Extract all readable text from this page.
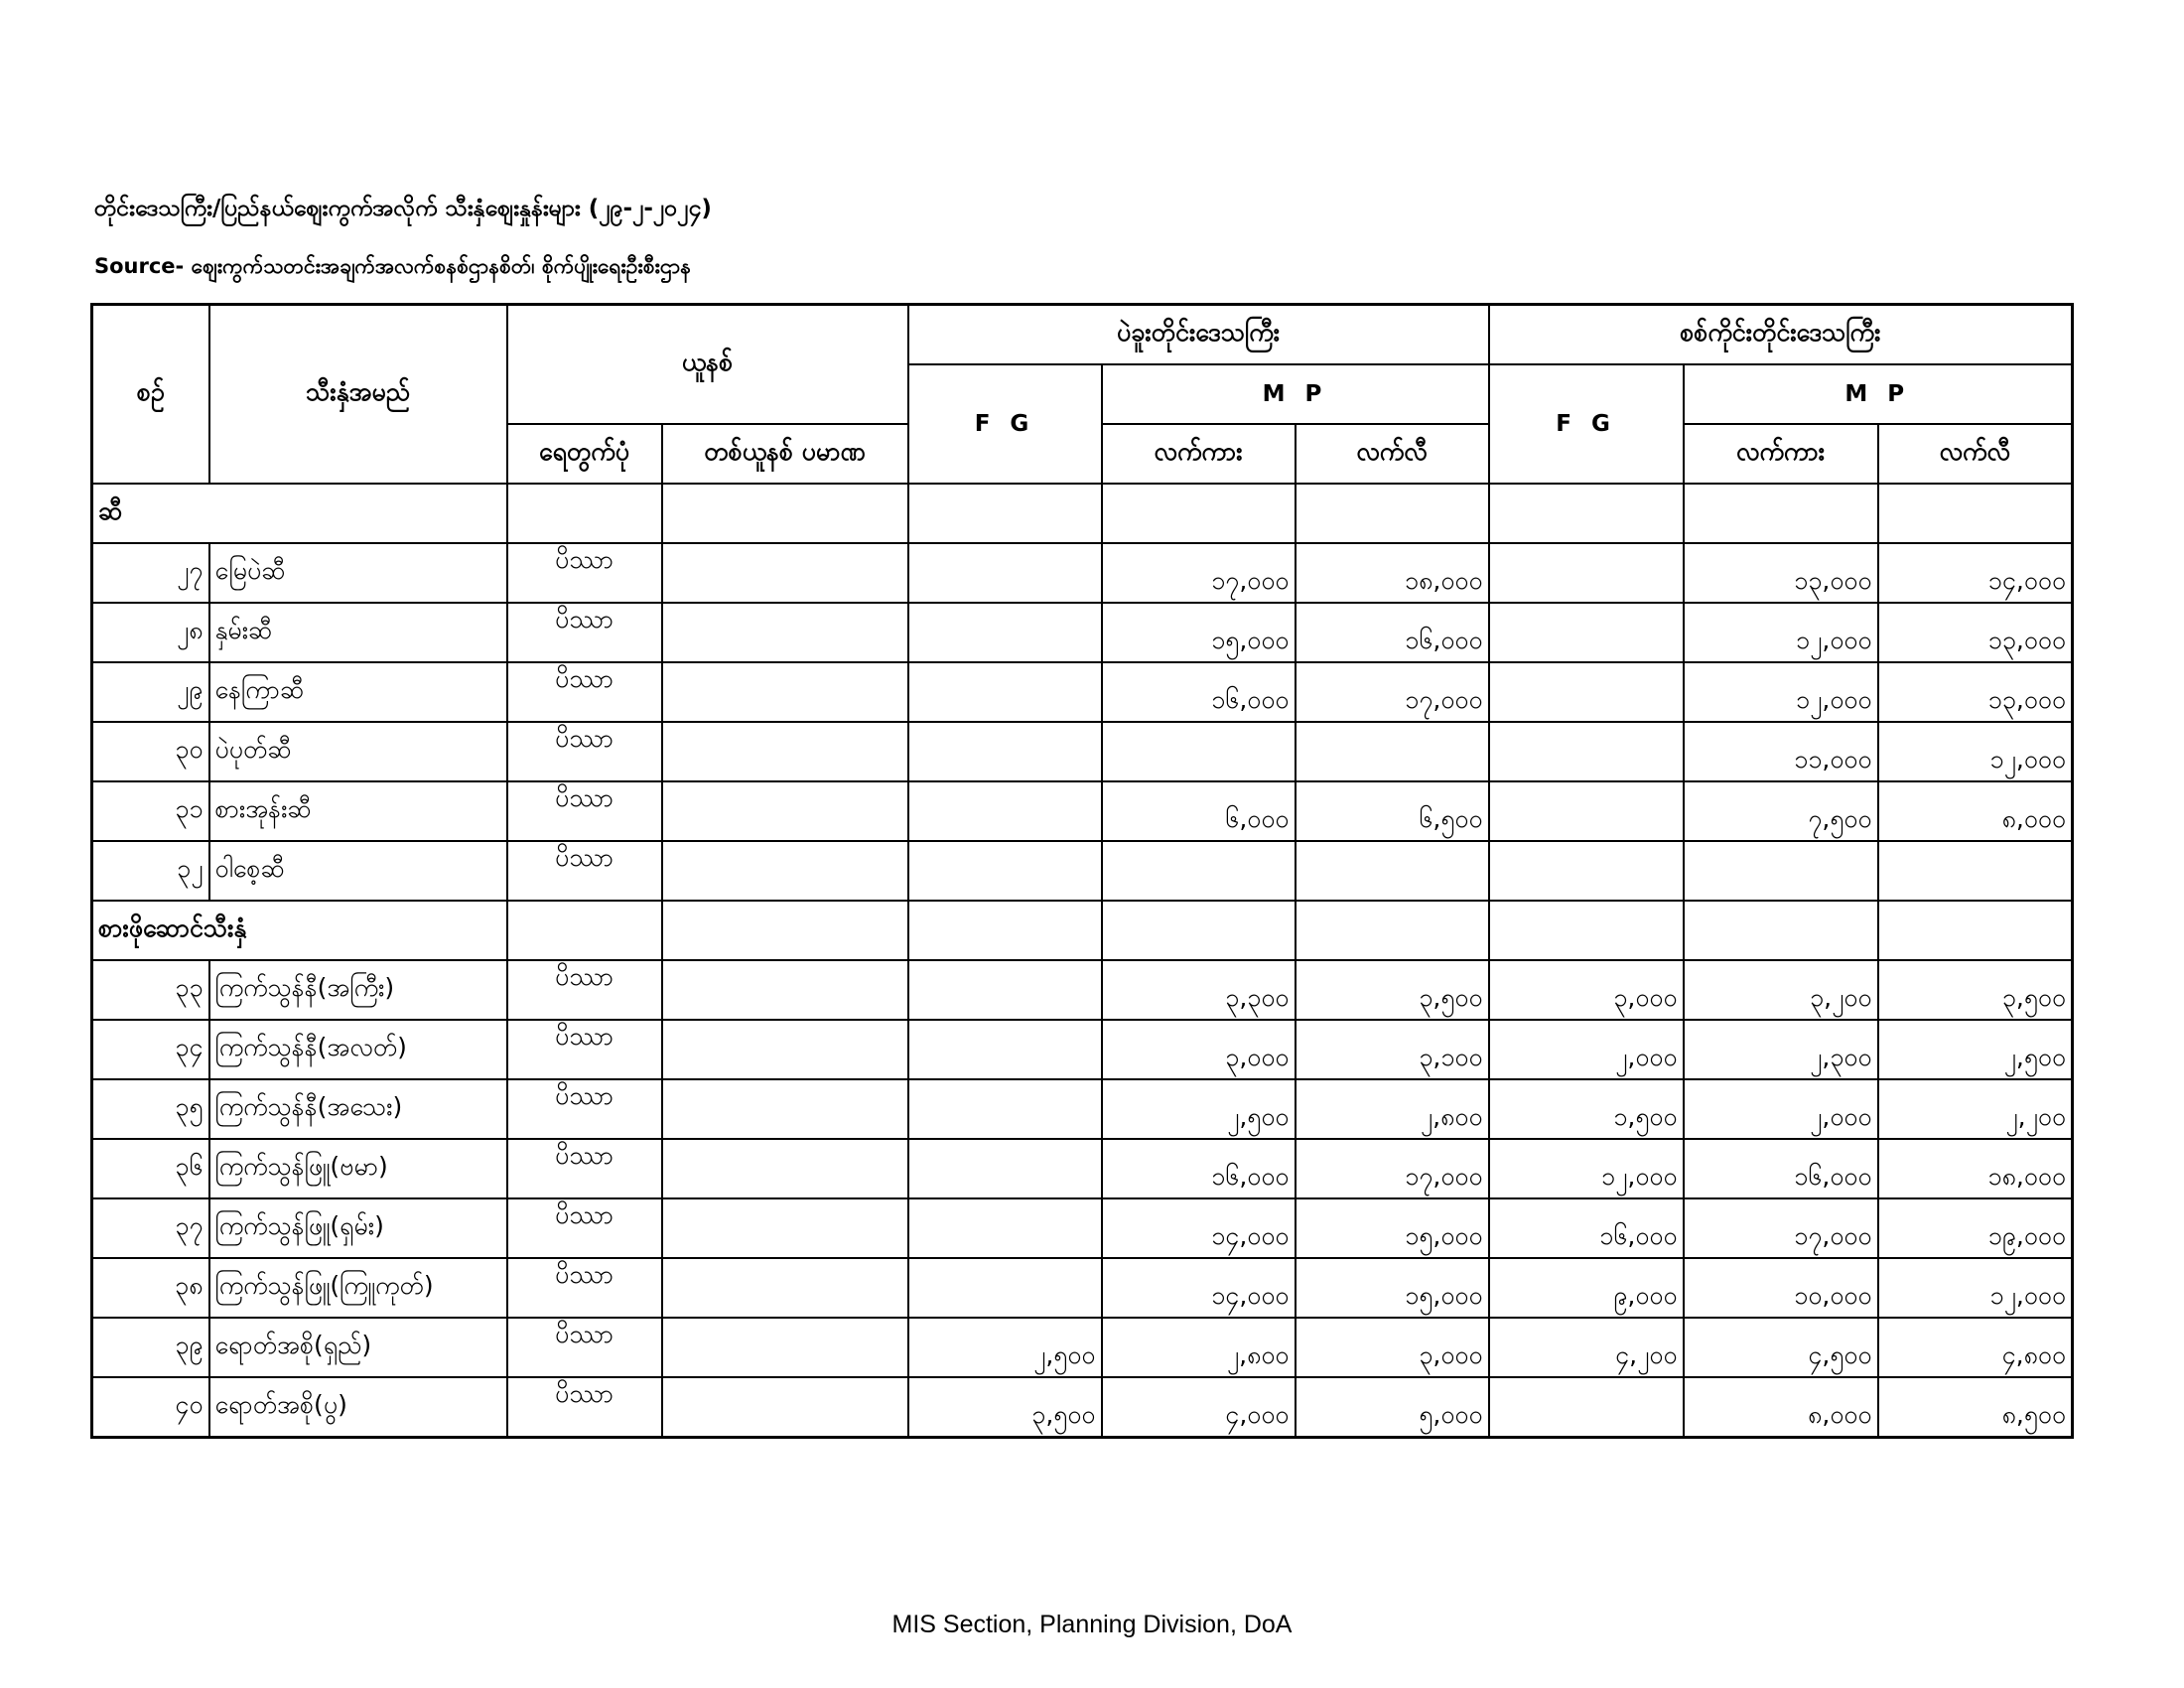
တိုင်းဒေသကြီး/ပြည်နယ်ဈေးကွက်အလိုက် သီးနှံဈေးနှုန်းများ (၂၉-၂-၂၀၂၄)
Source- ဈေးကွက်သတင်းအချက်အလက်စနစ်ဌာနစိတ်၊ စိုက်ပျိုးရေးဦးစီးဌာန
စဉ်	သီးနှံအမည်	ယူနစ်		ပဲခူးတိုင်းဒေသကြီး			စစ်ကိုင်းတိုင်းဒေသကြီး		
				F G	M P		F G	M P	
		ရေတွက်ပုံ	တစ်ယူနစ် ပမာဏ		လက်ကား	လက်လီ		လက်ကား	လက်လီ
ဆီ									
၂၇	မြေပဲဆီ	ပိဿာ			၁၇,၀၀၀	၁၈,၀၀၀		၁၃,၀၀၀	၁၄,၀၀၀
၂၈	နှမ်းဆီ	ပိဿာ			၁၅,၀၀၀	၁၆,၀၀၀		၁၂,၀၀၀	၁၃,၀၀၀
၂၉	နေကြာဆီ	ပိဿာ			၁၆,၀၀၀	၁၇,၀၀၀		၁၂,၀၀၀	၁၃,၀၀၀
၃၀	ပဲပုတ်ဆီ	ပိဿာ						၁၁,၀၀၀	၁၂,၀၀၀
၃၁	စားအုန်းဆီ	ပိဿာ			၆,၀၀၀	၆,၅၀၀		၇,၅၀၀	၈,၀၀၀
၃၂	ဝါစေ့ဆီ	ပိဿာ							
စားဖိုဆောင်သီးနှံ									
၃၃	ကြက်သွန်နီ(အကြီး)	ပိဿာ			၃,၃၀၀	၃,၅၀၀	၃,၀၀၀	၃,၂၀၀	၃,၅၀၀
၃၄	ကြက်သွန်နီ(အလတ်)	ပိဿာ			၃,၀၀၀	၃,၁၀၀	၂,၀၀၀	၂,၃၀၀	၂,၅၀၀
၃၅	ကြက်သွန်နီ(အသေး)	ပိဿာ			၂,၅၀၀	၂,၈၀၀	၁,၅၀၀	၂,၀၀၀	၂,၂၀၀
၃၆	ကြက်သွန်ဖြူ(ဗမာ)	ပိဿာ			၁၆,၀၀၀	၁၇,၀၀၀	၁၂,၀၀၀	၁၆,၀၀၀	၁၈,၀၀၀
၃၇	ကြက်သွန်ဖြူ(ရှမ်း)	ပိဿာ			၁၄,၀၀၀	၁၅,၀၀၀	၁၆,၀၀၀	၁၇,၀၀၀	၁၉,၀၀၀
၃၈	ကြက်သွန်ဖြူ(ကြူကုတ်)	ပိဿာ			၁၄,၀၀၀	၁၅,၀၀၀	၉,၀၀၀	၁၀,၀၀၀	၁၂,၀၀၀
၃၉	ရောတ်အစို(ရှည်)	ပိဿာ		၂,၅၀၀	၂,၈၀၀	၃,၀၀၀	၄,၂၀၀	၄,၅၀၀	၄,၈၀၀
၄၀	ရောတ်အစို(ပွ)	ပိဿာ		၃,၅၀၀	၄,၀၀၀	၅,၀၀၀		၈,၀၀၀	၈,၅၀၀
MIS Section, Planning Division, DoA
